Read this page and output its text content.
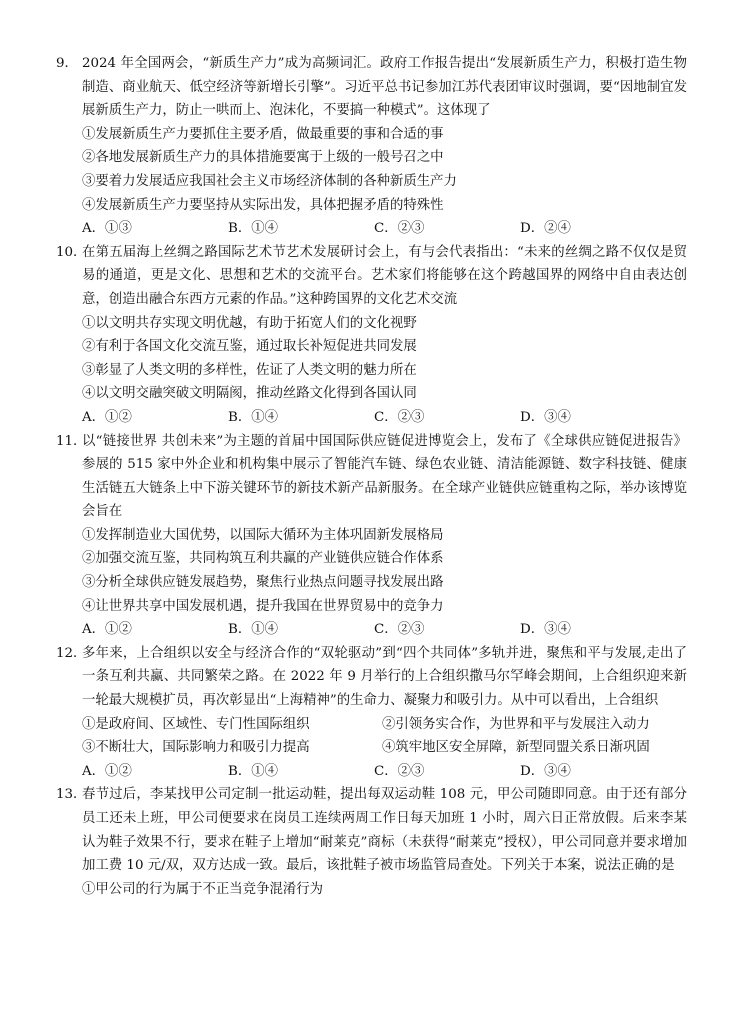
9． 2024 年全国两会，“新质生产力”成为高频词汇。政府工作报告提出“发展新质生产力，积极打造生物制造、商业航天、低空经济等新增长引擎”。习近平总书记参加江苏代表团审议时强调，要“因地制宜发展新质生产力，防止一哄而上、泡沫化，不要搞一种模式”。这体现了

①发展新质生产力要抓住主要矛盾，做最重要的事和合适的事
②各地发展新质生产力的具体措施要寓于上级的一般号召之中
③要着力发展适应我国社会主义市场经济体制的各种新质生产力
④发展新质生产力要坚持从实际出发，具体把握矛盾的特殊性
A．①③	B．①④	C．②③	D．②④
10．

在第五届海上丝绸之路国际艺术节艺术发展研讨会上，有与会代表指出：“未来的丝绸之路不仅仅是贸易的通道，更是文化、思想和艺术的交流平台。艺术家们将能够在这个跨越国界的网络中自由表达创意，创造出融合东西方元素的作品。”这种跨国界的文化艺术交流

①以文明共存实现文明优越，有助于拓宽人们的文化视野
②有利于各国文化交流互鉴，通过取长补短促进共同发展
③彰显了人类文明的多样性，佐证了人类文明的魅力所在
④以文明交融突破文明隔阂，推动丝路文化得到各国认同
A．①②	B．①④	C．②③	D．③④
11．

以“链接世界 共创未来”为主题的首届中国国际供应链促进博览会上，发布了《全球供应链促进报告》参展的 515 家中外企业和机构集中展示了智能汽车链、绿色农业链、清洁能源链、数字科技链、健康生活链五大链条上中下游关键环节的新技术新产品新服务。在全球产业链供应链重构之际，举办该博览会旨在

①发挥制造业大国优势，以国际大循环为主体巩固新发展格局
②加强交流互鉴，共同构筑互利共赢的产业链供应链合作体系
③分析全球供应链发展趋势，聚焦行业热点问题寻找发展出路
④让世界共享中国发展机遇，提升我国在世界贸易中的竞争力
A．①②	B．①④	C．②③	D．③④
12．

多年来，上合组织以安全与经济合作的“双轮驱动”到“四个共同体”多轨并进，聚焦和平与发展,走出了一条互利共赢、共同繁荣之路。在 2022 年 9 月举行的上合组织撒马尔罕峰会期间，上合组织迎来新一轮最大规模扩员，再次彰显出“上海精神”的生命力、凝聚力和吸引力。从中可以看出，上合组织

①是政府间、区域性、专门性国际组织	②引领务实合作，为世界和平与发展注入动力
③不断壮大，国际影响力和吸引力提高	④筑牢地区安全屏障，新型同盟关系日渐巩固
A．①②	B．①④	C．②③	D．③④
13．

春节过后，李某找甲公司定制一批运动鞋，提出每双运动鞋 108 元，甲公司随即同意。由于还有部分员工还未上班，甲公司便要求在岗员工连续两周工作日每天加班 1 小时，周六日正常放假。后来李某认为鞋子效果不行，要求在鞋子上增加“耐莱克”商标（未获得“耐莱克”授权），甲公司同意并要求增加加工费 10 元/双，双方达成一致。最后，该批鞋子被市场监管局查处。下列关于本案，说法正确的是

①甲公司的行为属于不正当竞争混淆行为
